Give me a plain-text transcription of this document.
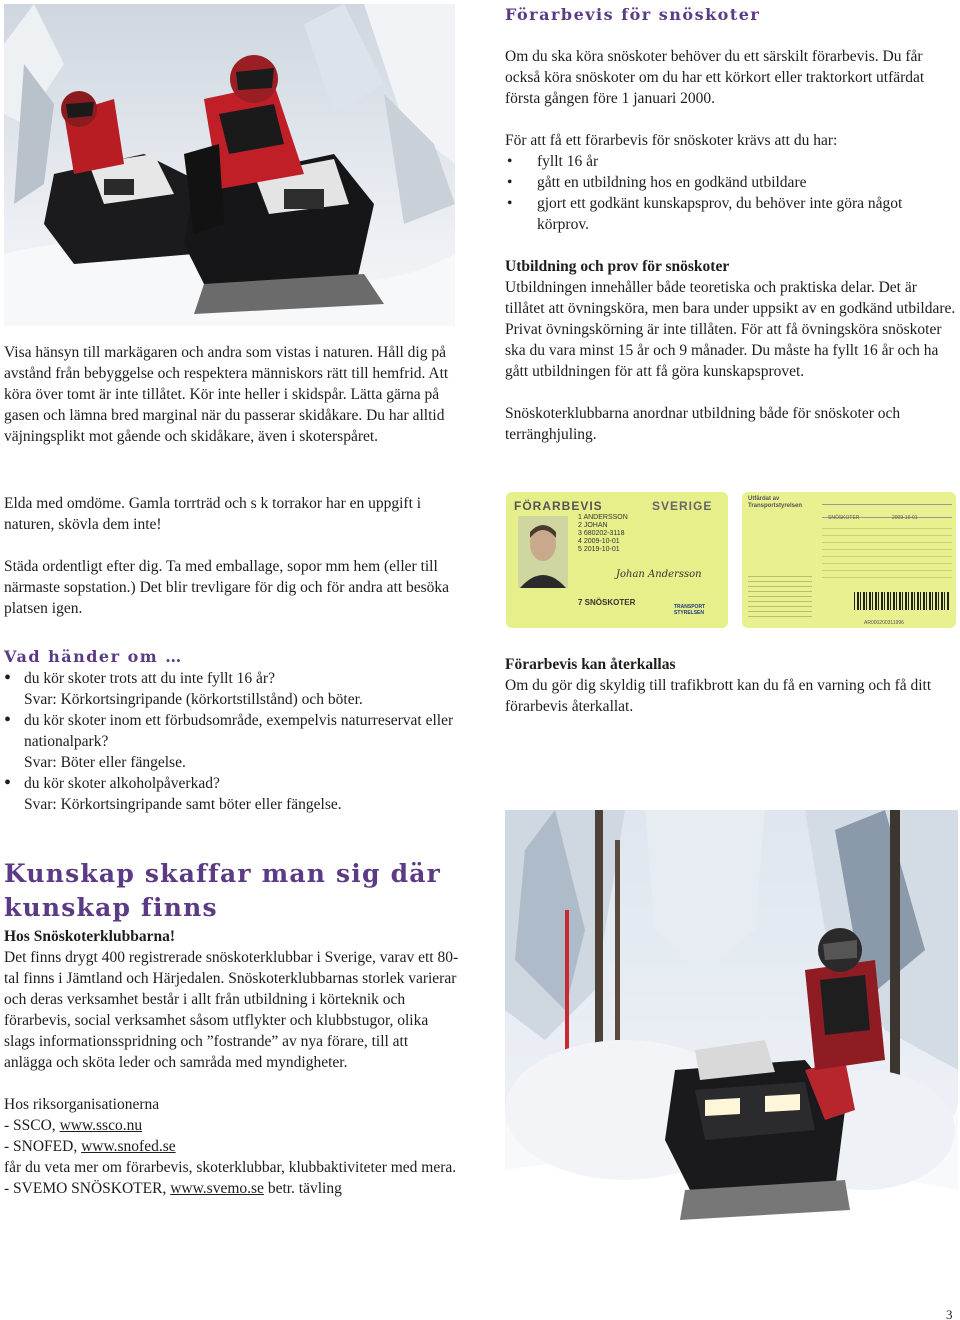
Visa hänsyn till markägaren och andra som vistas i naturen. Håll dig på avstånd från bebyggelse och respektera människors rätt till hemfrid. Att köra över tomt är inte tillåtet. Kör inte heller i skidspår. Lätta gärna på gasen och lämna bred marginal när du passerar skidåkare. Du har alltid väjningsplikt mot gående och skidåkare, även i skoterspåret.

Elda med omdöme. Gamla torrträd och s k torrakor har en uppgift i naturen, skövla dem inte!

Städa ordentligt efter dig. Ta med emballage, sopor mm hem (eller till närmaste sopstation.) Det blir trevligare för dig och för andra att besöka platsen igen.

Vad händer om …
• du kör skoter trots att du inte fyllt 16 år?
Svar: Körkortsingripande (körkortstillstånd) och böter.
• du kör skoter inom ett förbudsområde, exempelvis naturreservat eller nationalpark?
Svar: Böter eller fängelse.
• du kör skoter alkoholpåverkad?
Svar: Körkortsingripande samt böter eller fängelse.
Kunskap skaffar man sig där
kunskap finns
Hos Snöskoterklubbarna!

Det finns drygt 400 registrerade snöskoterklubbar i Sverige, varav ett 80-tal finns i Jämtland och Härjedalen. Snöskoterklubbarnas storlek varierar och deras verksamhet består i allt från utbildning i körteknik och förarbevis, social verksamhet såsom utflykter och klubbstugor, olika slags informationsspridning och ”fostrande” av nya förare, till att anlägga och sköta leder och samråda med myndigheter.

Hos riksorganisationerna

- SSCO, www.ssco.nu

- SNOFED, www.snofed.se

får du veta mer om förarbevis, skoterklubbar, klubbaktiviteter med mera.

- SVEMO SNÖSKOTER, www.svemo.se betr. tävling

Förarbevis för snöskoter

Om du ska köra snöskoter behöver du ett särskilt förarbevis. Du får också köra snöskoter om du har ett körkort eller traktorkort utfärdat första gången före 1 januari 2000.

För att få ett förarbevis för snöskoter krävs att du har:

• fyllt 16 år
• gått en utbildning hos en godkänd utbildare
• gjort ett godkänt kunskapsprov, du behöver inte göra något körprov.
Utbildning och prov för snöskoter

Utbildningen innehåller både teoretiska och praktiska delar. Det är tillåtet att övningsköra, men bara under uppsikt av en godkänd utbildare. Privat övningskörning är inte tillåten. För att få övningsköra snöskoter ska du vara minst 15 år och 9 månader. Du måste ha fyllt 16 år och ha gått utbildningen för att få göra kunskapsprovet.

Snöskoterklubbarna anordnar utbildning både för snöskoter och terränghjuling.

FÖRARBEVIS	SVERIGE
1 ANDERSSON
2 JOHAN
3 680202-3118
4 2009-10-01
5 2019-10-01
Johan Andersson
7 SNÖSKOTER	TRANSPORT STYRELSEN
Utfärdat av Transportstyrelsen
SNÖSKOTER	2009-10-01
AR000200311996
Förarbevis kan återkallas

Om du gör dig skyldig till trafikbrott kan du få en varning och få ditt förarbevis återkallat.

3
